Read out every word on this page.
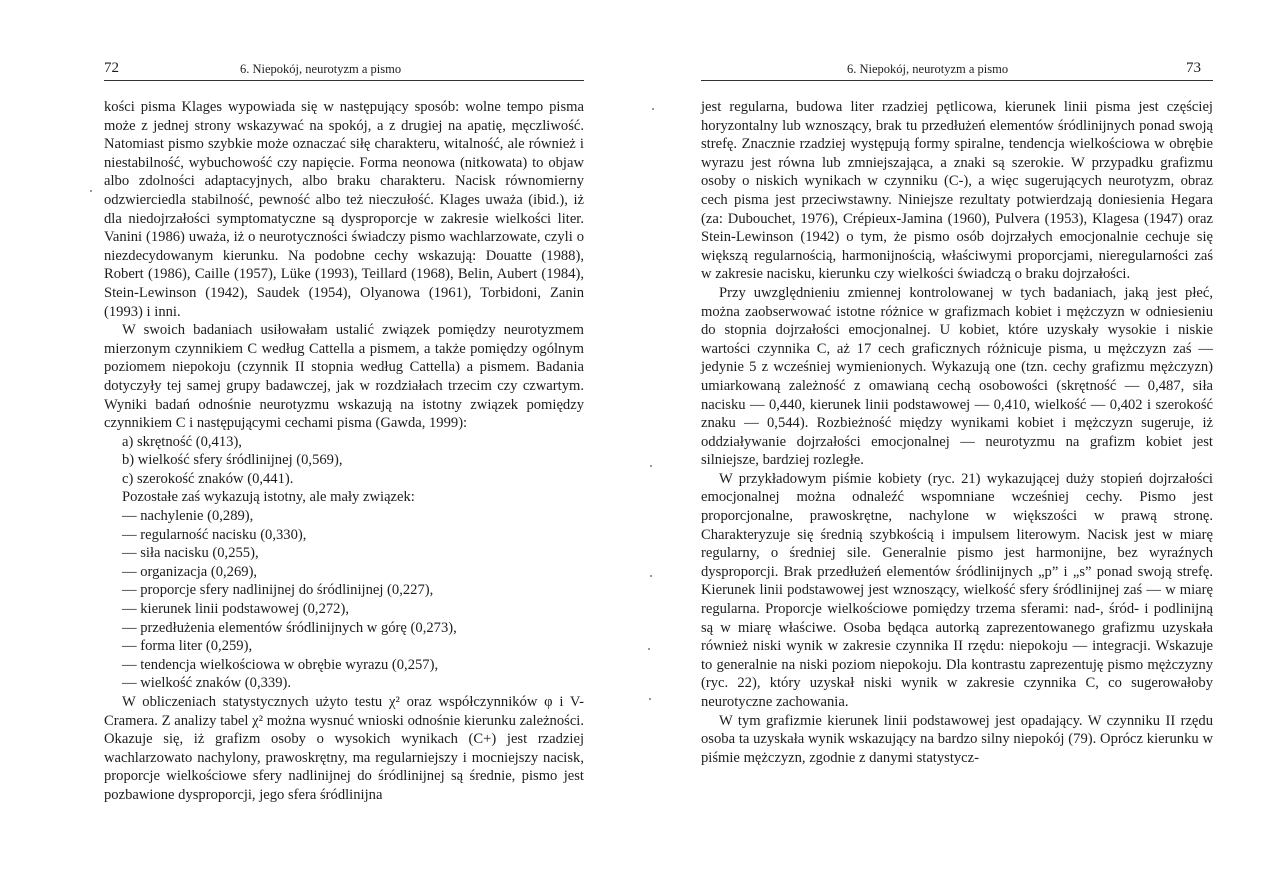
72	6. Niepokój, neurotyzm a pismo

kości pisma Klages wypowiada się w następujący sposób: wolne tempo pisma może z jednej strony wskazywać na spokój, a z drugiej na apatię, męczliwość. Natomiast pismo szybkie może oznaczać siłę charakteru, witalność, ale również i niestabilność, wybuchowość czy napięcie. Forma neonowa (nitkowata) to objaw albo zdolności adaptacyjnych, albo braku charakteru. Nacisk równomierny odzwierciedla stabilność, pewność albo też nieczułość. Klages uważa (ibid.), iż dla niedojrzałości symptomatyczne są dysproporcje w zakresie wielkości liter. Vanini (1986) uważa, iż o neurotyczności świadczy pismo wachlarzowate, czyli o niezdecydowanym kierunku. Na podobne cechy wskazują: Douatte (1988), Robert (1986), Caille (1957), Lüke (1993), Teillard (1968), Belin, Aubert (1984), Stein-Lewinson (1942), Saudek (1954), Olyanowa (1961), Torbidoni, Zanin (1993) i inni.

W swoich badaniach usiłowałam ustalić związek pomiędzy neurotyzmem mierzonym czynnikiem C według Cattella a pismem, a także pomiędzy ogólnym poziomem niepokoju (czynnik II stopnia według Cattella) a pismem. Badania dotyczyły tej samej grupy badawczej, jak w rozdziałach trzecim czy czwartym. Wyniki badań odnośnie neurotyzmu wskazują na istotny związek pomiędzy czynnikiem C i następującymi cechami pisma (Gawda, 1999):

a) skrętność (0,413),
b) wielkość sfery śródlinijnej (0,569),
c) szerokość znaków (0,441).
Pozostałe zaś wykazują istotny, ale mały związek:
— nachylenie (0,289),
— regularność nacisku (0,330),
— siła nacisku (0,255),
— organizacja (0,269),
— proporcje sfery nadlinijnej do śródlinijnej (0,227),
— kierunek linii podstawowej (0,272),
— przedłużenia elementów śródlinijnych w górę (0,273),
— forma liter (0,259),
— tendencja wielkościowa w obrębie wyrazu (0,257),
— wielkość znaków (0,339).

W obliczeniach statystycznych użyto testu χ² oraz współczynników φ i V-Cramera. Z analizy tabel χ² można wysnuć wnioski odnośnie kierunku zależności. Okazuje się, iż grafizm osoby o wysokich wynikach (C+) jest rzadziej wachlarzowato nachylony, prawoskrętny, ma regularniejszy i mocniejszy nacisk, proporcje wielkościowe sfery nadlinijnej do śródlinijnej są średnie, pismo jest pozbawione dysproporcji, jego sfera śródlinijna

6. Niepokój, neurotyzm a pismo	73

jest regularna, budowa liter rzadziej pętlicowa, kierunek linii pisma jest częściej horyzontalny lub wznoszący, brak tu przedłużeń elementów śródlinijnych ponad swoją strefę. Znacznie rzadziej występują formy spiralne, tendencja wielkościowa w obrębie wyrazu jest równa lub zmniejszająca, a znaki są szerokie. W przypadku grafizmu osoby o niskich wynikach w czynniku (C-), a więc sugerujących neurotyzm, obraz cech pisma jest przeciwstawny. Niniejsze rezultaty potwierdzają doniesienia Hegara (za: Dubouchet, 1976), Crépieux-Jamina (1960), Pulvera (1953), Klagesa (1947) oraz Stein-Lewinson (1942) o tym, że pismo osób dojrzałych emocjonalnie cechuje się większą regularnością, harmonijnością, właściwymi proporcjami, nieregularności zaś w zakresie nacisku, kierunku czy wielkości świadczą o braku dojrzałości.

Przy uwzględnieniu zmiennej kontrolowanej w tych badaniach, jaką jest płeć, można zaobserwować istotne różnice w grafizmach kobiet i mężczyzn w odniesieniu do stopnia dojrzałości emocjonalnej. U kobiet, które uzyskały wysokie i niskie wartości czynnika C, aż 17 cech graficznych różnicuje pisma, u mężczyzn zaś — jedynie 5 z wcześniej wymienionych. Wykazują one (tzn. cechy grafizmu mężczyzn) umiarkowaną zależność z omawianą cechą osobowości (skrętność — 0,487, siła nacisku — 0,440, kierunek linii podstawowej — 0,410, wielkość — 0,402 i szerokość znaku — 0,544). Rozbieżność między wynikami kobiet i mężczyzn sugeruje, iż oddziaływanie dojrzałości emocjonalnej — neurotyzmu na grafizm kobiet jest silniejsze, bardziej rozległe.

W przykładowym piśmie kobiety (ryc. 21) wykazującej duży stopień dojrzałości emocjonalnej można odnaleźć wspomniane wcześniej cechy. Pismo jest proporcjonalne, prawoskrętne, nachylone w większości w prawą stronę. Charakteryzuje się średnią szybkością i impulsem literowym. Nacisk jest w miarę regularny, o średniej sile. Generalnie pismo jest harmonijne, bez wyraźnych dysproporcji. Brak przedłużeń elementów śródlinijnych „p” i „s” ponad swoją strefę. Kierunek linii podstawowej jest wznoszący, wielkość sfery śródlinijnej zaś — w miarę regularna. Proporcje wielkościowe pomiędzy trzema sferami: nad-, śród- i podlinijną są w miarę właściwe. Osoba będąca autorką zaprezentowanego grafizmu uzyskała również niski wynik w zakresie czynnika II rzędu: niepokoju — integracji. Wskazuje to generalnie na niski poziom niepokoju. Dla kontrastu zaprezentuję pismo mężczyzny (ryc. 22), który uzyskał niski wynik w zakresie czynnika C, co sugerowałoby neurotyczne zachowania.

W tym grafizmie kierunek linii podstawowej jest opadający. W czynniku II rzędu osoba ta uzyskała wynik wskazujący na bardzo silny niepokój (79). Oprócz kierunku w piśmie mężczyzn, zgodnie z danymi statystycz-
